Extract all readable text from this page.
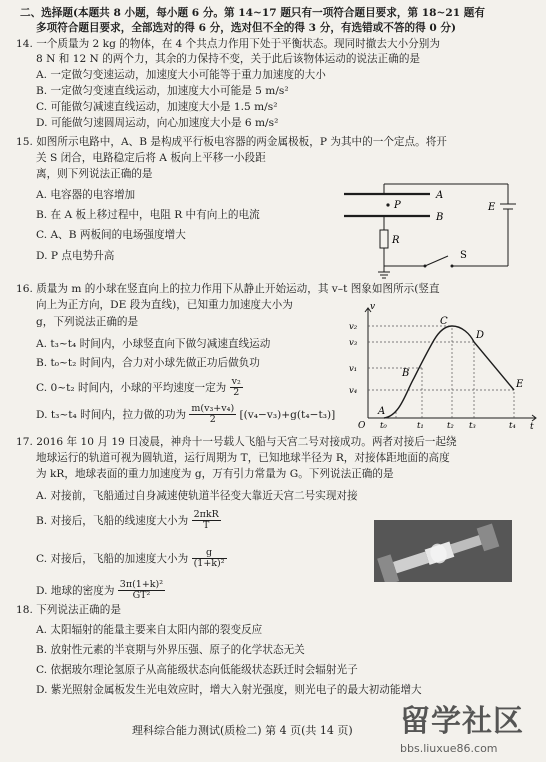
二、选择题(本题共 8 小题，每小题 6 分。第 14~17 题只有一项符合题目要求，第 18~21 题有
多项符合题目要求，全部选对的得 6 分，选对但不全的得 3 分，有选错或不答的得 0 分)
14. 一个质量为 2 kg 的物体，在 4 个共点力作用下处于平衡状态。现同时撤去大小分别为
8 N 和 12 N 的两个力，其余的力保持不变，关于此后该物体运动的说法正确的是
A. 一定做匀变速运动，加速度大小可能等于重力加速度的大小
B. 一定做匀变速直线运动，加速度大小可能是 5 m/s²
C. 可能做匀减速直线运动，加速度大小是 1.5 m/s²
D. 可能做匀速圆周运动，向心加速度大小是 6 m/s²
15. 如图所示电路中，A、B 是构成平行板电容器的两金属极板，P 为其中的一个定点。将开
关 S 闭合，电路稳定后将 A 板向上平移一小段距
离，则下列说法正确的是
A. 电容器的电容增加
B. 在 A 板上移过程中，电阻 R 中有向上的电流
C. A、B 两板间的电场强度增大
D. P 点电势升高
A
B
P
R
E
S
16. 质量为 m 的小球在竖直向上的拉力作用下从静止开始运动，其 v–t 图象如图所示(竖直
向上为正方向，DE 段为直线)，已知重力加速度大小为
g，下列说法正确的是
A. t₃~t₄ 时间内，小球竖直向下做匀减速直线运动
B. t₀~t₂ 时间内，合力对小球先做正功后做负功
C. 0~t₂ 时间内，小球的平均速度一定为 $\frac{\text{v₂}}{2}$
D. t₃~t₄ 时间内，拉力做的功为 $\frac{\text{m(v₃+v₄)}}{2} [(v_4-v_3)+g(t_4-t_3)]$
v
t
O
v₂
v₃
v₁
v₄
t₀	t₁	t₂ t₃	t₄
A
B
C
D
E
17. 2016 年 10 月 19 日凌晨，神舟十一号载人飞船与天宫二号对接成功。两者对接后一起绕
地球运行的轨道可视为圆轨道，运行周期为 T，已知地球半径为 R，对接体距地面的高度
为 kR，地球表面的重力加速度为 g，万有引力常量为 G。下列说法正确的是
A. 对接前，飞船通过自身减速使轨道半径变大靠近天宫二号实现对接
B. 对接后，飞船的线速度大小为 $\frac{\text{2πkR}}{T}$
C. 对接后，飞船的加速度大小为 $\frac{g}{\text{(1+k)²}}$
D. 地球的密度为 $\frac{\text{3π(1+k)²}}{\text{GT²}}$
18. 下列说法正确的是
A. 太阳辐射的能量主要来自太阳内部的裂变反应
B. 放射性元素的半衰期与外界压强、原子的化学状态无关
C. 依据玻尔理论氢原子从高能级状态向低能级状态跃迁时会辐射光子
D. 紫光照射金属板发生光电效应时，增大入射光强度，则光电子的最大初动能增大
理科综合能力测试(质检二) 第 4 页(共 14 页) 留学社区
bbs.liuxue86.com
